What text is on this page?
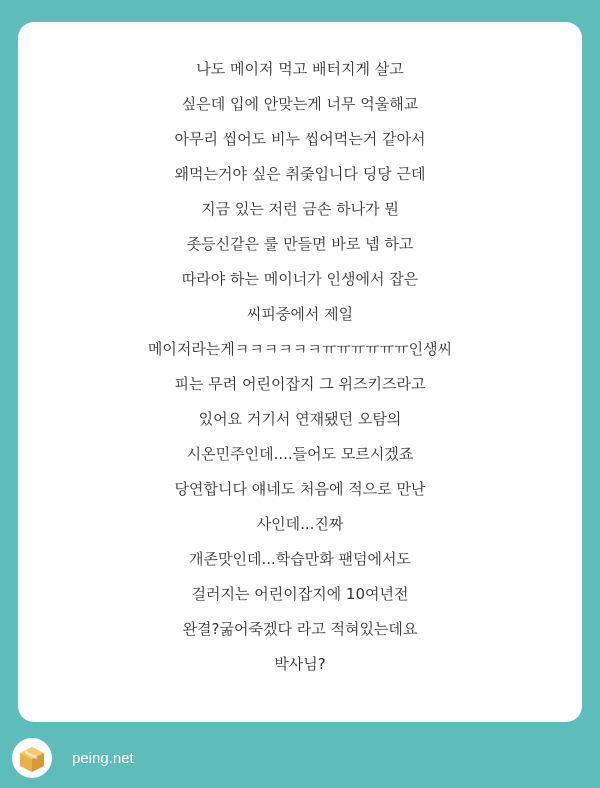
나도 메이저 먹고 배터지게 살고
싶은데 입에 안맞는게 너무 억울해교
아무리 씹어도 비누 씹어먹는거 같아서
왜먹는거야 싶은 취줒입니다 딩당 근데
지금 있는 저런 금손 하나가 뭔
좃등신같은 룰 만들면 바로 넵 하고
따라야 하는 메이너가 인생에서 잡은
씨피중에서 제일
메이저라는게ㅋㅋㅋㅋㅋㅋㅠㅠㅠㅠㅠㅠ인생씨
피는 무려 어린이잡지 그 위즈키즈라고
있어요 거기서 연재됐던 오탐의
시온민주인데....들어도 모르시겠죠
당연합니다 얘네도 처음에 적으로 만난
사인데...진짜
개존맛인데...학습만화 팬덤에서도
걸러지는 어린이잡지에 10여년전
완결?굶어죽겠다 라고 적혀있는데요
박사님?
peing.net
